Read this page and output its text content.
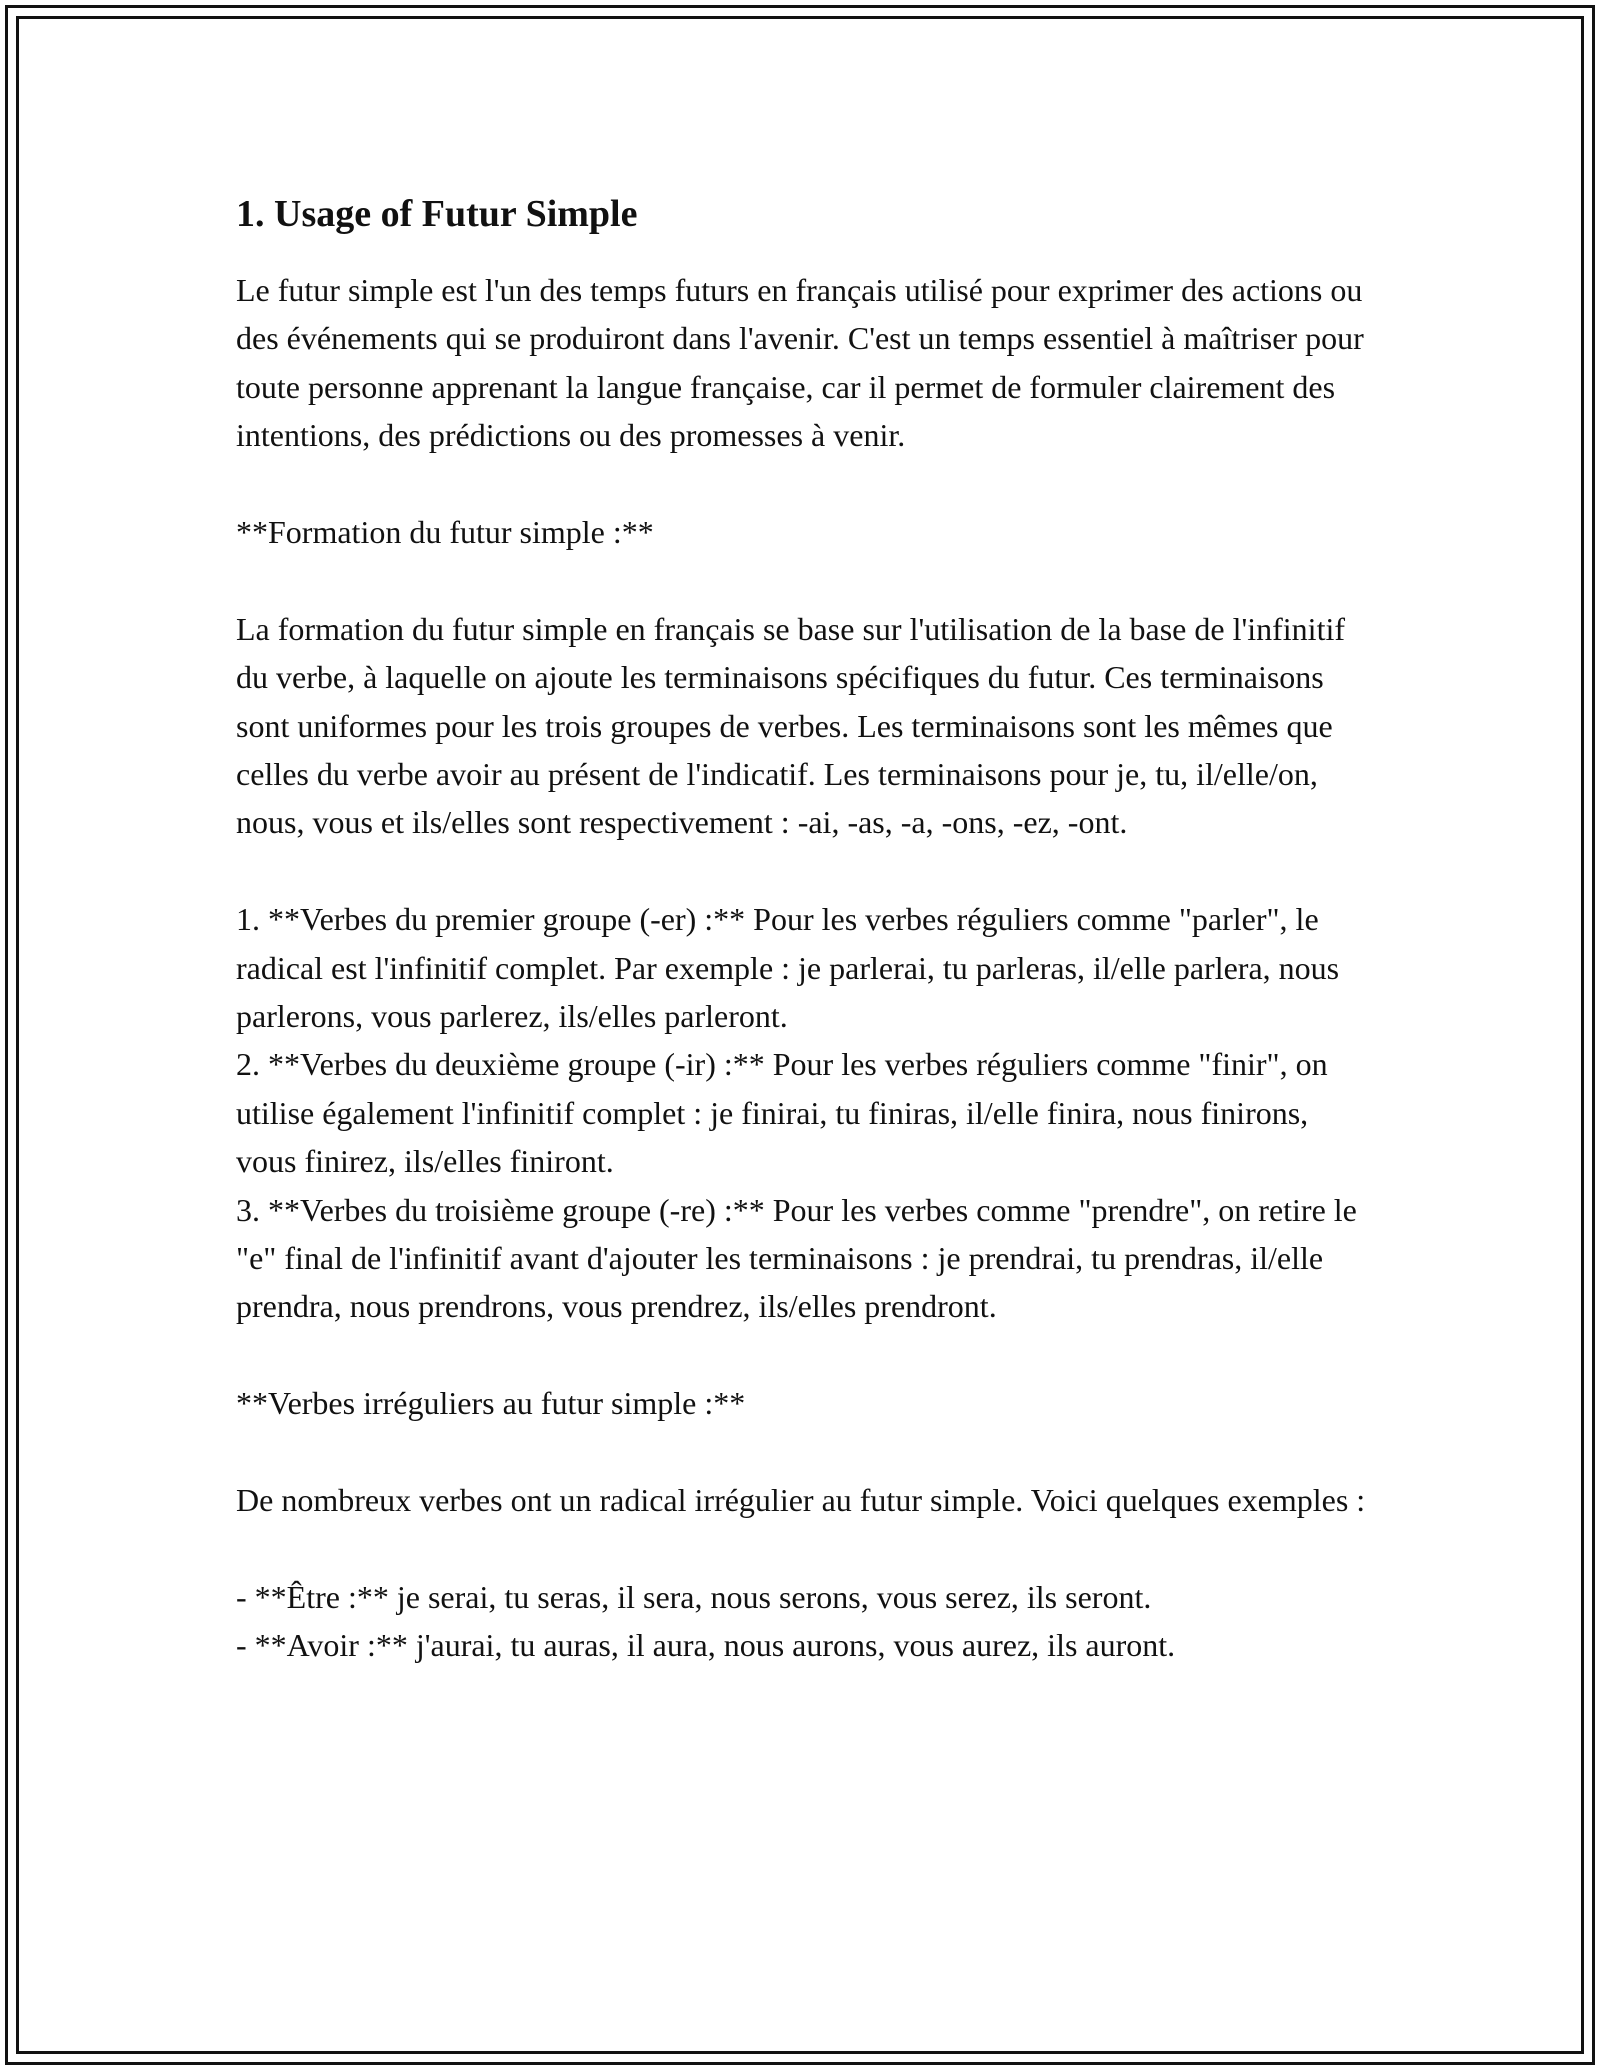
1. Usage of Futur Simple

Le futur simple est l'un des temps futurs en français utilisé pour exprimer des actions ou des événements qui se produiront dans l'avenir. C'est un temps essentiel à maîtriser pour toute personne apprenant la langue française, car il permet de formuler clairement des intentions, des prédictions ou des promesses à venir.

**Formation du futur simple :**

La formation du futur simple en français se base sur l'utilisation de la base de l'infinitif du verbe, à laquelle on ajoute les terminaisons spécifiques du futur. Ces terminaisons sont uniformes pour les trois groupes de verbes. Les terminaisons sont les mêmes que celles du verbe avoir au présent de l'indicatif. Les terminaisons pour je, tu, il/elle/on, nous, vous et ils/elles sont respectivement : -ai, -as, -a, -ons, -ez, -ont.

1. **Verbes du premier groupe (-er) :** Pour les verbes réguliers comme "parler", le radical est l'infinitif complet. Par exemple : je parlerai, tu parleras, il/elle parlera, nous parlerons, vous parlerez, ils/elles parleront.

2. **Verbes du deuxième groupe (-ir) :** Pour les verbes réguliers comme "finir", on utilise également l'infinitif complet : je finirai, tu finiras, il/elle finira, nous finirons, vous finirez, ils/elles finiront.

3. **Verbes du troisième groupe (-re) :** Pour les verbes comme "prendre", on retire le "e" final de l'infinitif avant d'ajouter les terminaisons : je prendrai, tu prendras, il/elle prendra, nous prendrons, vous prendrez, ils/elles prendront.

**Verbes irréguliers au futur simple :**

De nombreux verbes ont un radical irrégulier au futur simple. Voici quelques exemples :

- **Être :** je serai, tu seras, il sera, nous serons, vous serez, ils seront.

- **Avoir :** j'aurai, tu auras, il aura, nous aurons, vous aurez, ils auront.
